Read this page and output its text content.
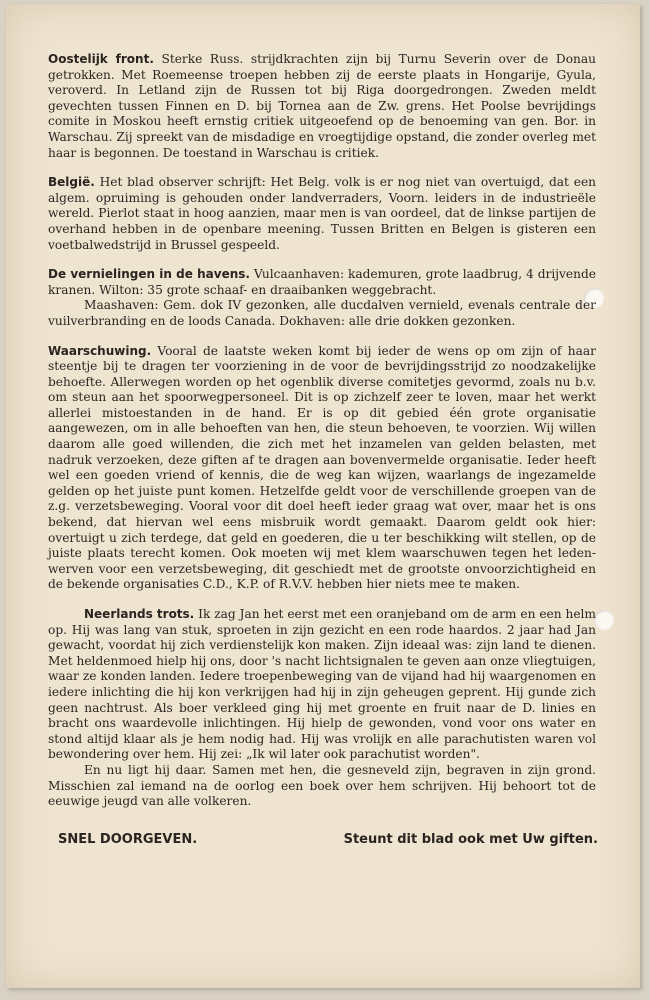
Oostelijk front. Sterke Russ. strijdkrachten zijn bij Turnu Severin over de Donau getrokken. Met Roemeense troepen hebben zij de eerste plaats in Hongarije, Gyula, veroverd. In Letland zijn de Russen tot bij Riga doorgedrongen. Zweden meldt gevechten tussen Finnen en D. bij Tornea aan de Zw. grens. Het Poolse bevrijdings comite in Moskou heeft ernstig critiek uitgeoefend op de benoeming van gen. Bor. in Warschau. Zij spreekt van de misdadige en vroegtijdige opstand, die zonder overleg met haar is begonnen. De toestand in Warschau is critiek.

België. Het blad observer schrijft: Het Belg. volk is er nog niet van overtuigd, dat een algem. opruiming is gehouden onder landverraders, Voorn. leiders in de industrieële wereld. Pierlot staat in hoog aanzien, maar men is van oordeel, dat de linkse partijen de overhand hebben in de openbare meening. Tussen Britten en Belgen is gisteren een voetbalwedstrijd in Brussel gespeeld.

De vernielingen in de havens. Vulcaanhaven: kademuren, grote laadbrug, 4 drijvende kranen. Wilton: 35 grote schaaf- en draaibanken weggebracht.

Maashaven: Gem. dok IV gezonken, alle ducdalven vernield, evenals centrale der vuilverbranding en de loods Canada. Dokhaven: alle drie dokken gezonken.

Waarschuwing. Vooral de laatste weken komt bij ieder de wens op om zijn of haar steentje bij te dragen ter voorziening in de voor de bevrijdingsstrijd zo noodzakelijke behoefte. Allerwegen worden op het ogenblik diverse comitetjes gevormd, zoals nu b.v. om steun aan het spoorwegpersoneel. Dit is op zichzelf zeer te loven, maar het werkt allerlei mistoestanden in de hand. Er is op dit gebied één grote organisatie aangewezen, om in alle behoeften van hen, die steun behoeven, te voorzien. Wij willen daarom alle goed willenden, die zich met het inzamelen van gelden belasten, met nadruk verzoeken, deze giften af te dragen aan bovenvermelde organisatie. Ieder heeft wel een goeden vriend of kennis, die de weg kan wijzen, waarlangs de ingezamelde gelden op het juiste punt komen. Hetzelfde geldt voor de verschillende groepen van de z.g. verzetsbeweging. Vooral voor dit doel heeft ieder graag wat over, maar het is ons bekend, dat hiervan wel eens misbruik wordt gemaakt. Daarom geldt ook hier: overtuigt u zich terdege, dat geld en goederen, die u ter beschikking wilt stellen, op de juiste plaats terecht komen. Ook moeten wij met klem waarschuwen tegen het leden-werven voor een verzetsbeweging, dit geschiedt met de grootste onvoorzichtigheid en de bekende organisaties C.D., K.P. of R.V.V. hebben hier niets mee te maken.

Neerlands trots. Ik zag Jan het eerst met een oranjeband om de arm en een helm op. Hij was lang van stuk, sproeten in zijn gezicht en een rode haardos. 2 jaar had Jan gewacht, voordat hij zich verdienstelijk kon maken. Zijn ideaal was: zijn land te dienen. Met heldenmoed hielp hij ons, door 's nacht lichtsignalen te geven aan onze vliegtuigen, waar ze konden landen. Iedere troepenbeweging van de vijand had hij waargenomen en iedere inlichting die hij kon verkrijgen had hij in zijn geheugen geprent. Hij gunde zich geen nachtrust. Als boer verkleed ging hij met groente en fruit naar de D. linies en bracht ons waardevolle inlichtingen. Hij hielp de gewonden, vond voor ons water en stond altijd klaar als je hem nodig had. Hij was vrolijk en alle parachutisten waren vol bewondering over hem. Hij zei: „Ik wil later ook parachutist worden".

En nu ligt hij daar. Samen met hen, die gesneveld zijn, begraven in zijn grond. Misschien zal iemand na de oorlog een boek over hem schrijven. Hij behoort tot de eeuwige jeugd van alle volkeren.

SNEL DOORGEVEN.	Steunt dit blad ook met Uw giften.
